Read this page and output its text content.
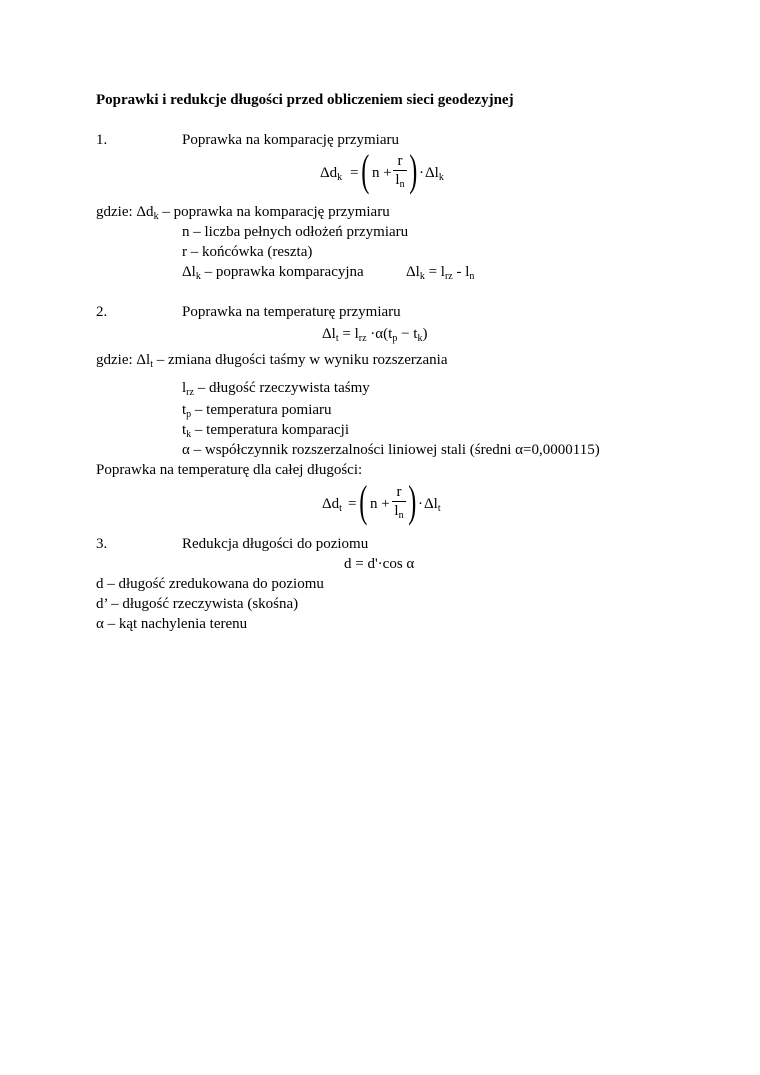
Poprawki i redukcje długości przed obliczeniem sieci geodezyjnej
1.	Poprawka na komparację przymiaru
$\Delta d_k$ = ( n +
r
$l_n$ ) · $\Delta l_k$
gdzie: $\Delta d_k$ – poprawka na komparację przymiaru
n – liczba pełnych odłożeń przymiaru
r – końcówka (reszta)
$\Delta l_k$ – poprawka komparacyjna	$\Delta l_k = l_{rz} - l_n$
2.	Poprawka na temperaturę przymiaru
$\Delta l_t = l_{rz} \cdot\alpha(t_p - t_k)$
gdzie: $\Delta l_t$ – zmiana długości taśmy w wyniku rozszerzania
$l_{rz}$ – długość rzeczywista taśmy
$t_p$ – temperatura pomiaru
$t_k$ – temperatura komparacji
α – współczynnik rozszerzalności liniowej stali (średni α=0,0000115)
Poprawka na temperaturę dla całej długości:
$\Delta d_t$ = ( n +
r
$l_n$ ) · $\Delta l_t$
3.	Redukcja długości do poziomu
d = d'·cos α
d – długość zredukowana do poziomu
d’ – długość rzeczywista (skośna)
α – kąt nachylenia terenu
